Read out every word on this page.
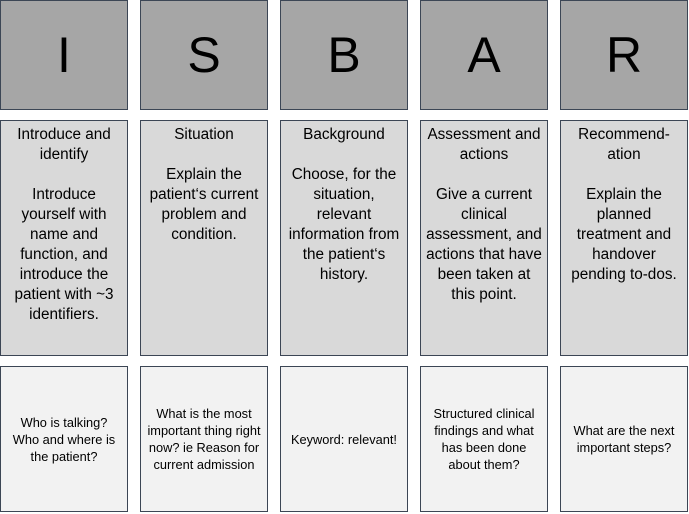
I
Introduce and identify
Introduce yourself with name and function, and introduce the patient with ~3 identifiers.
Who is talking? Who and where is the patient?
S
Situation
Explain the patient‘s current problem and condition.
What is the most important thing right now? ie Reason for current admission
B
Background
Choose, for the situation, relevant information from the patient‘s history.
Keyword: relevant!
A
Assessment and actions
Give a current clinical assessment, and actions that have been taken at this point.
Structured clinical findings and what has been done about them?
R
Recommend-ation
Explain the planned treatment and handover pending to-dos.
What are the next important steps?
